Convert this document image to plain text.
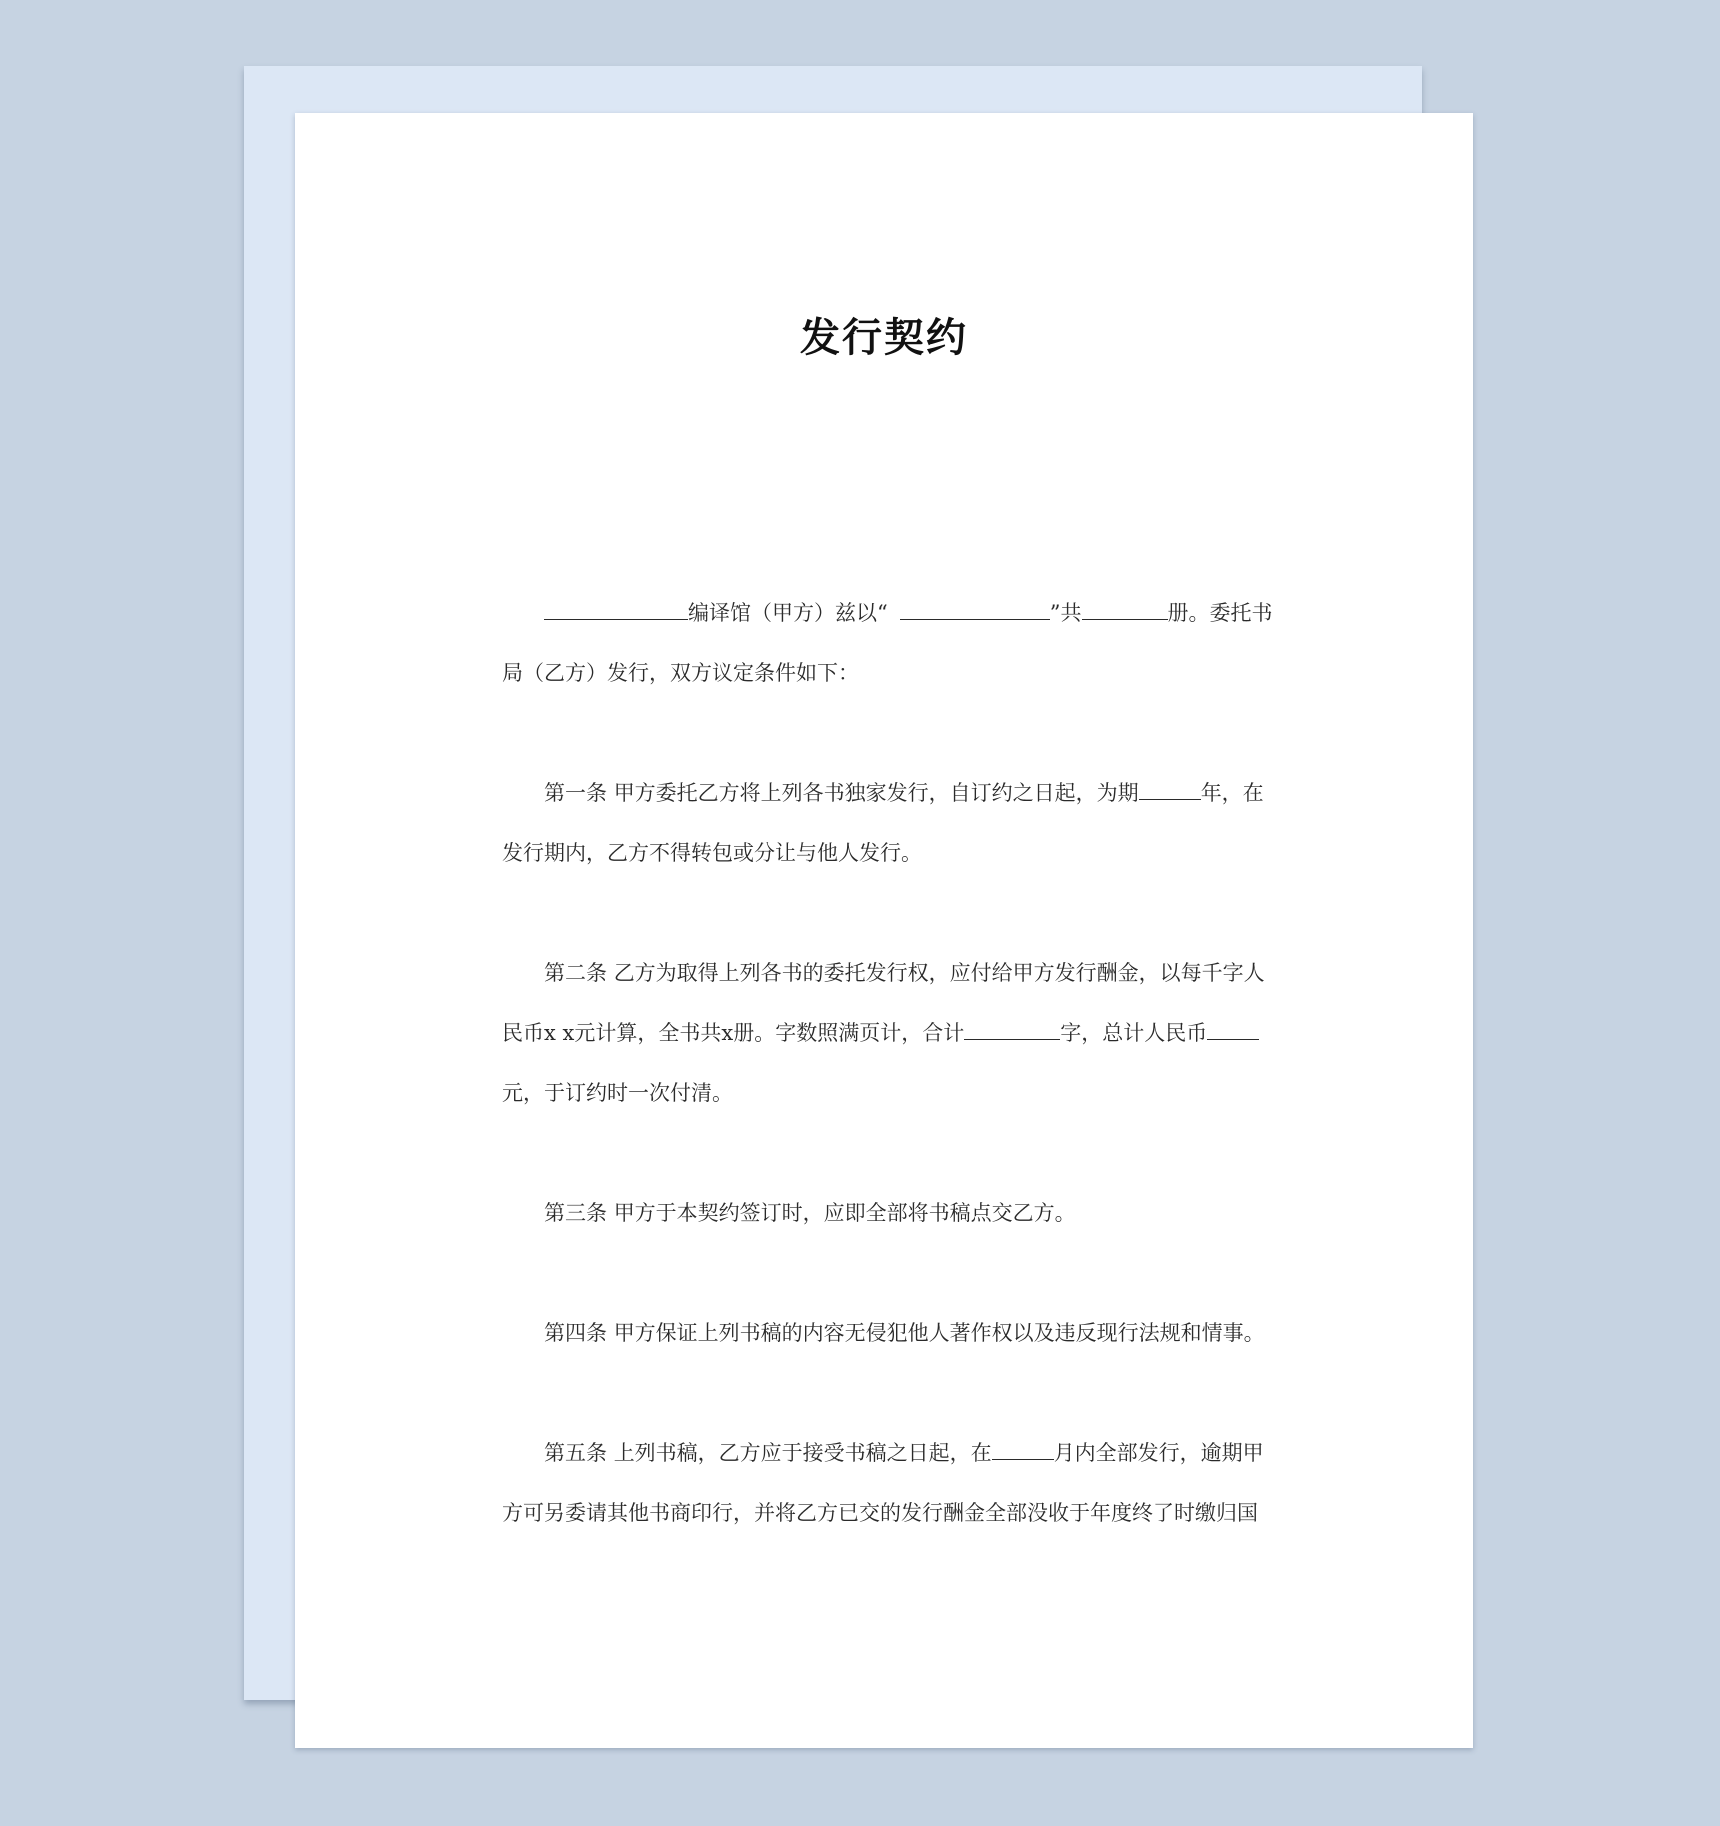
发行契约

编译馆（甲方）兹以“	”共	册。委托书局（乙方）发行，双方议定条件如下：

第一条 甲方委托乙方将上列各书独家发行，自订约之日起，为期	年，在发行期内，乙方不得转包或分让与他人发行。

第二条 乙方为取得上列各书的委托发行权，应付给甲方发行酬金，以每千字人民币x x元计算，全书共x册。字数照满页计，合计	字，总计人民币元，于订约时一次付清。

第三条 甲方于本契约签订时，应即全部将书稿点交乙方。

第四条 甲方保证上列书稿的内容无侵犯他人著作权以及违反现行法规和情事。

第五条 上列书稿，乙方应于接受书稿之日起，在	月内全部发行，逾期甲方可另委请其他书商印行，并将乙方已交的发行酬金全部没收于年度终了时缴归国
